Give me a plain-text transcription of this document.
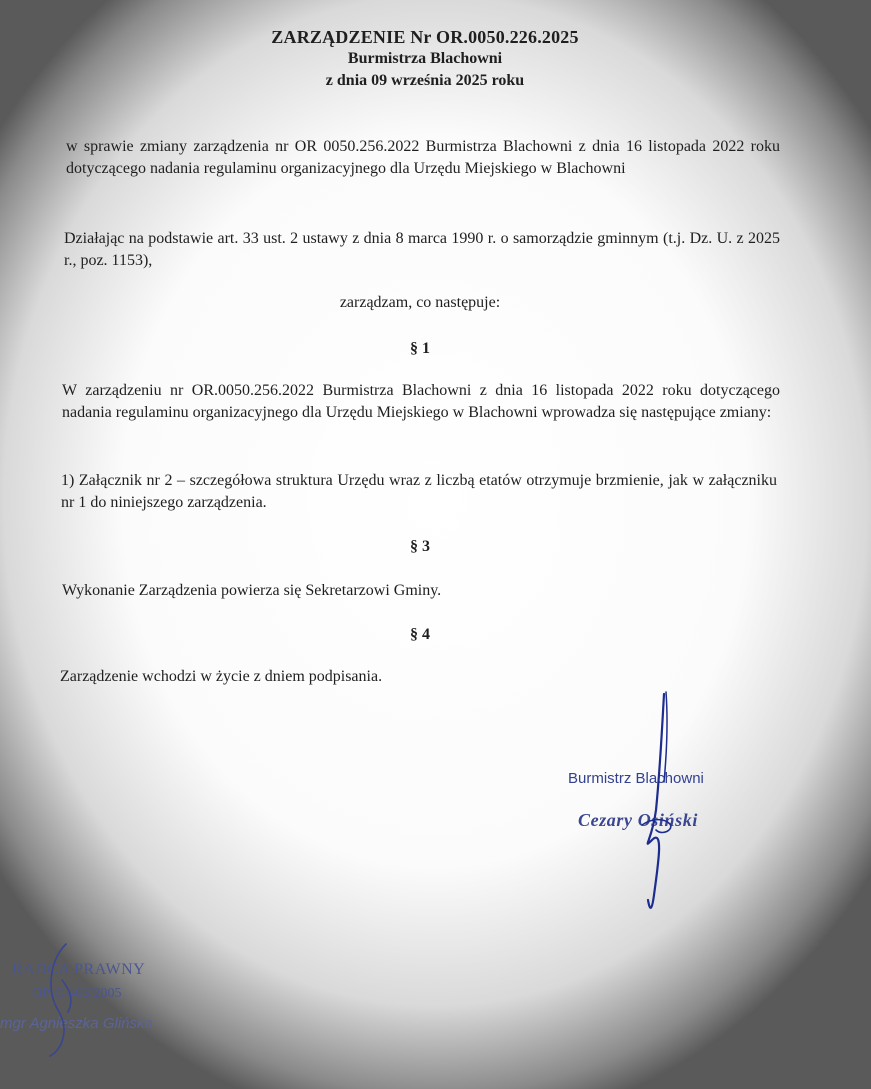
ZARZĄDZENIE Nr OR.0050.226.2025
Burmistrza Blachowni
z dnia 09 września 2025 roku
w sprawie zmiany zarządzenia nr OR 0050.256.2022 Burmistrza Blachowni z dnia 16 listopada 2022 roku dotyczącego nadania regulaminu organizacyjnego dla Urzędu Miejskiego w Blachowni
Działając na podstawie art. 33 ust. 2 ustawy z dnia 8 marca 1990 r. o samorządzie gminnym (t.j. Dz. U. z 2025 r., poz. 1153),
zarządzam, co następuje:
§ 1
W zarządzeniu nr OR.0050.256.2022 Burmistrza Blachowni z dnia 16 listopada 2022 roku dotyczącego nadania regulaminu organizacyjnego dla Urzędu Miejskiego w Blachowni wprowadza się następujące zmiany:
1) Załącznik nr 2 – szczegółowa struktura Urzędu wraz z liczbą etatów otrzymuje brzmienie, jak w załączniku nr 1 do niniejszego zarządzenia.
§ 3
Wykonanie Zarządzenia powierza się Sekretarzowi Gminy.
§ 4
Zarządzenie wchodzi w życie z dniem podpisania.
Burmistrz Blachowni
Cezary Osiński
RADCA PRAWNY
OP-C-463/2005
mgr Agnieszka Glińska
